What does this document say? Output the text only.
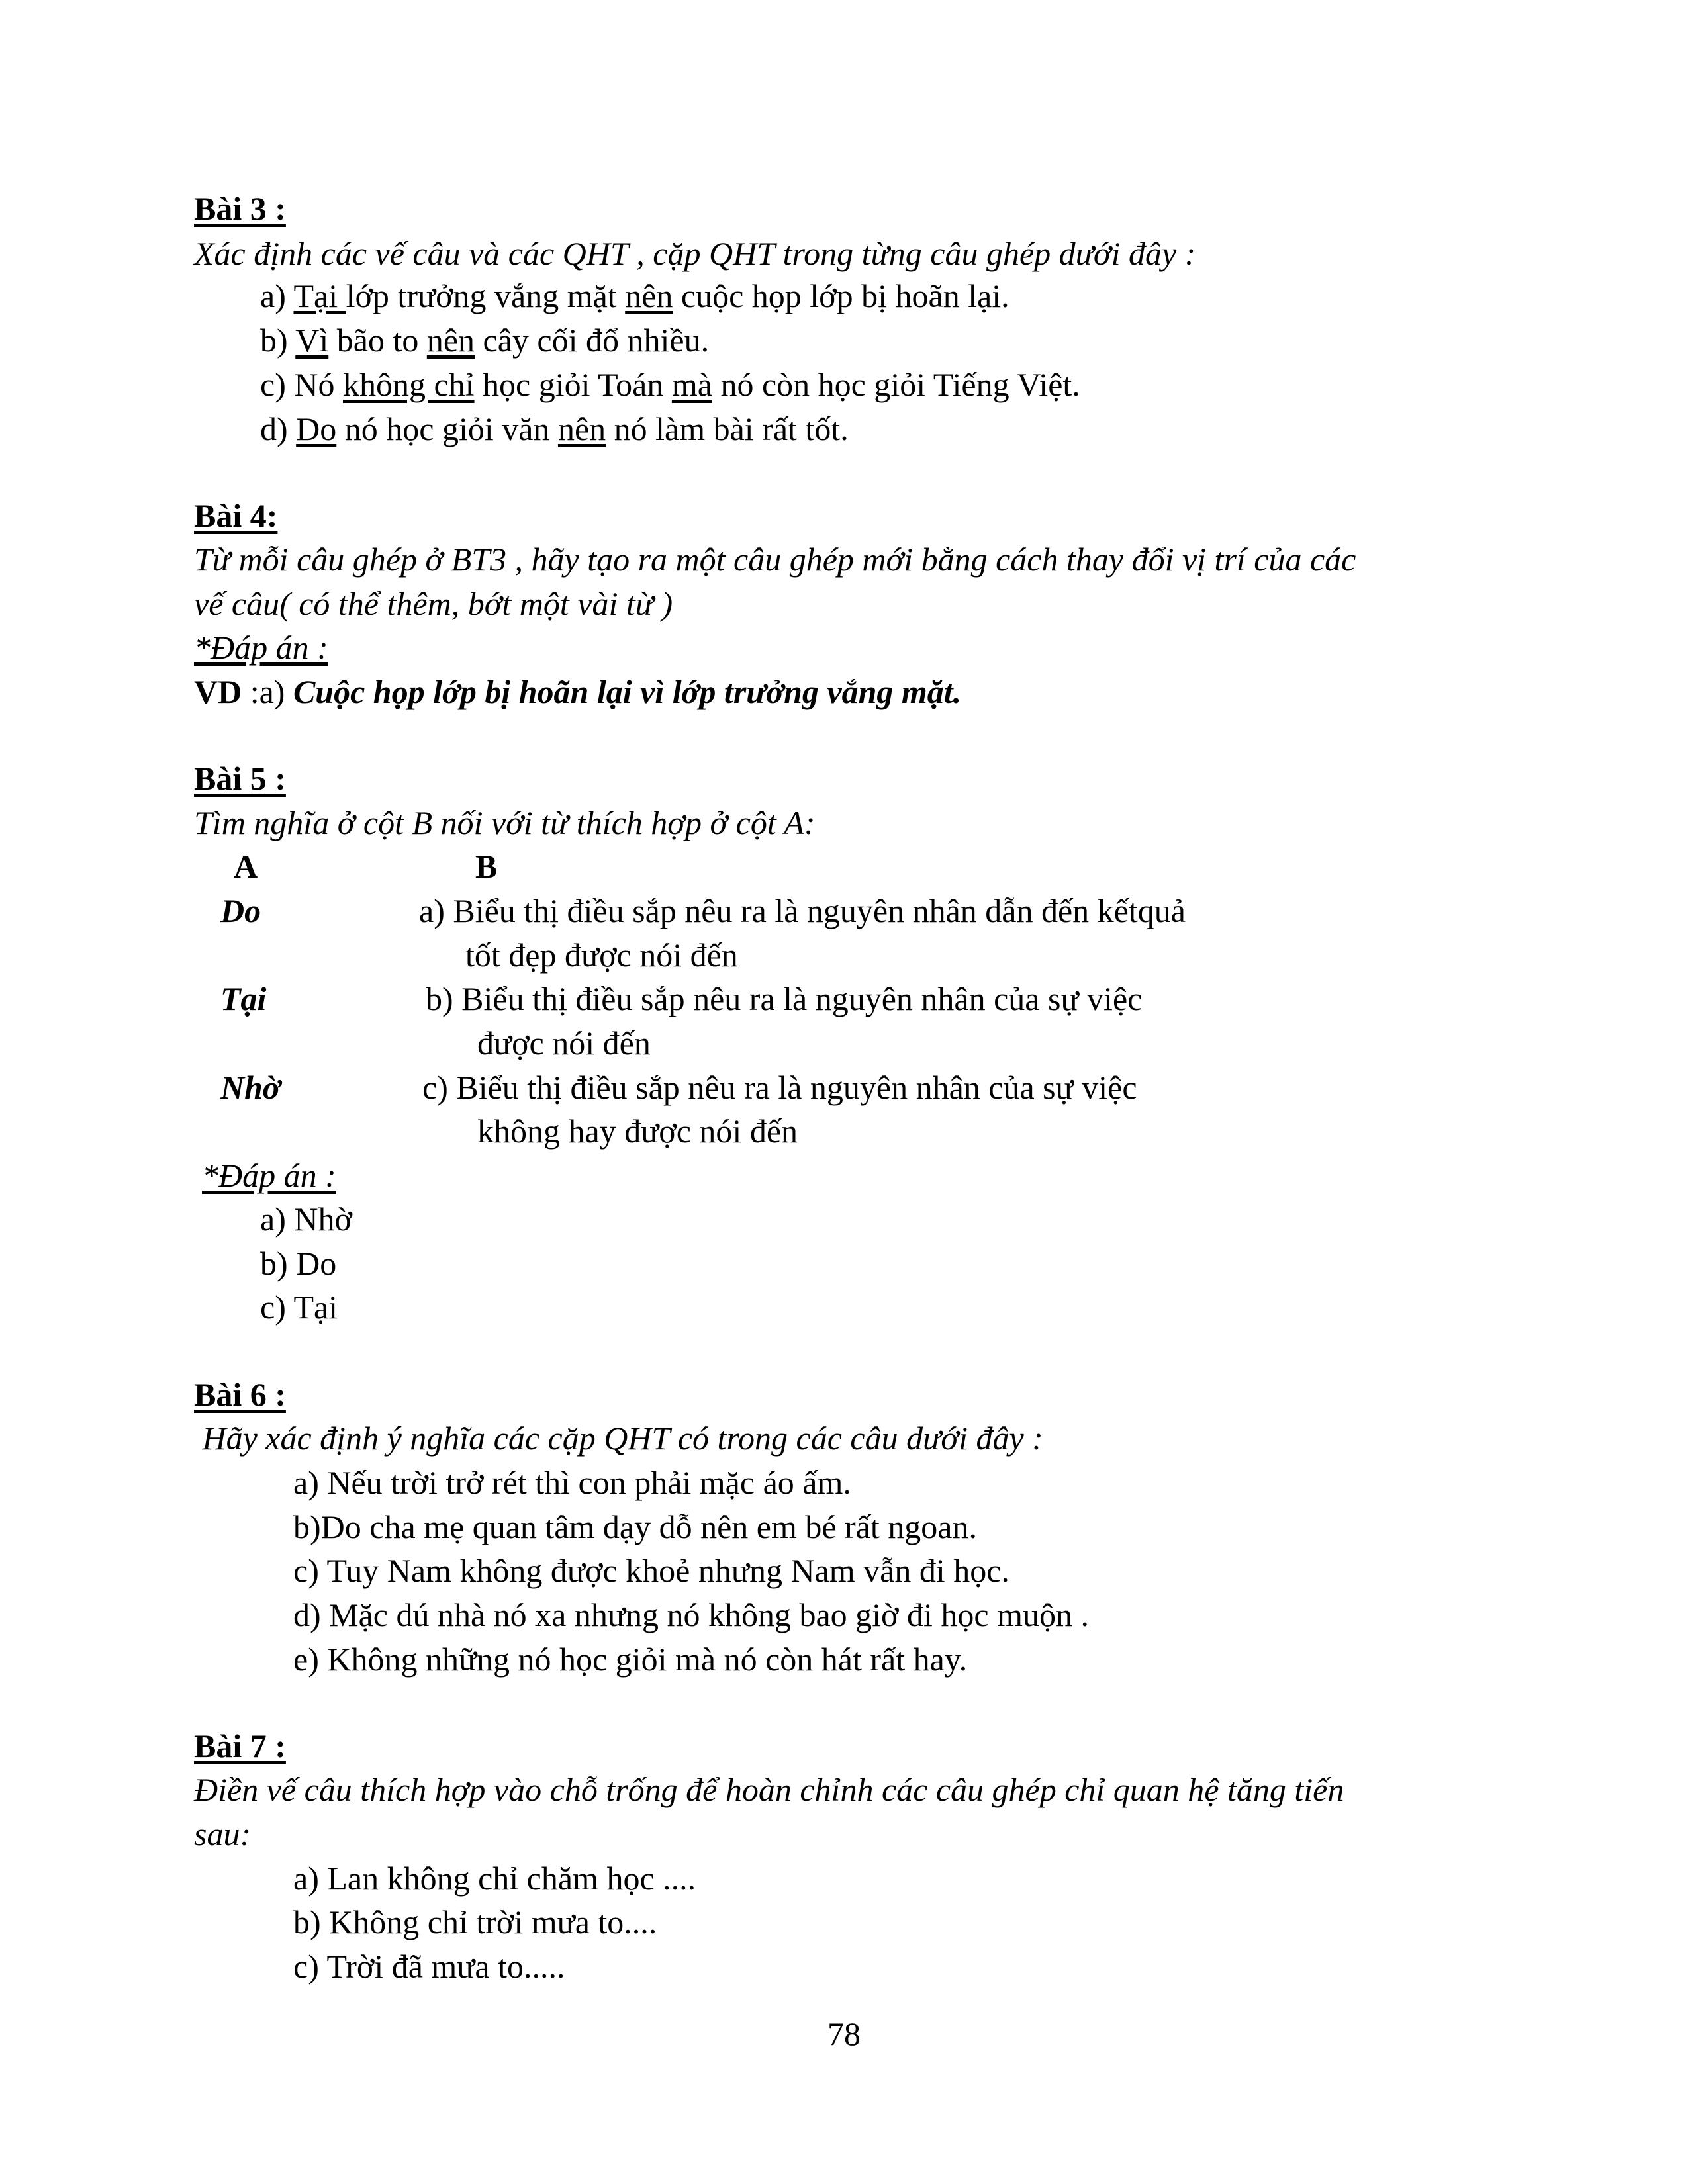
Bài 3 :

Xác định các vế câu và các QHT , cặp QHT trong từng câu ghép dưới đây :

a) Tại lớp trưởng vắng mặt nên cuộc họp lớp bị hoãn lại.

b) Vì bão to nên cây cối đổ nhiều.

c) Nó không chỉ học giỏi Toán mà nó còn học giỏi Tiếng Việt.

d) Do nó học giỏi văn nên nó làm bài rất tốt.

Bài 4:

Từ mỗi câu ghép ở BT3 , hãy tạo ra một câu ghép mới bằng cách thay đổi vị trí của các

vế câu( có thể thêm, bớt một vài từ )

*Đáp án :

VD :a) Cuộc họp lớp bị hoãn lại vì lớp trưởng vắng mặt.

Bài 5 :

Tìm nghĩa ở cột B nối với từ thích hợp ở cột A:

A	B

Do	a) Biểu thị điều sắp nêu ra là nguyên nhân dẫn đến kếtquả

tốt đẹp được nói đến

Tại	b) Biểu thị điều sắp nêu ra là nguyên nhân của sự việc

được nói đến

Nhờ	c) Biểu thị điều sắp nêu ra là nguyên nhân của sự việc

không hay được nói đến

*Đáp án :

a) Nhờ

b) Do

c) Tại

Bài 6 :

Hãy xác định ý nghĩa các cặp QHT có trong các câu dưới đây :

a) Nếu trời trở rét thì con phải mặc áo ấm.

b)Do cha mẹ quan tâm dạy dỗ nên em bé rất ngoan.

c) Tuy Nam không được khoẻ nhưng Nam vẫn đi học.

d) Mặc dú nhà nó xa nhưng nó không bao giờ đi học muộn .

e) Không những nó học giỏi mà nó còn hát rất hay.

Bài 7 :

Điền vế câu thích hợp vào chỗ trống để hoàn chỉnh các câu ghép chỉ quan hệ tăng tiến

sau:

a) Lan không chỉ chăm học ....

b) Không chỉ trời mưa to....

c) Trời đã mưa to.....

78
